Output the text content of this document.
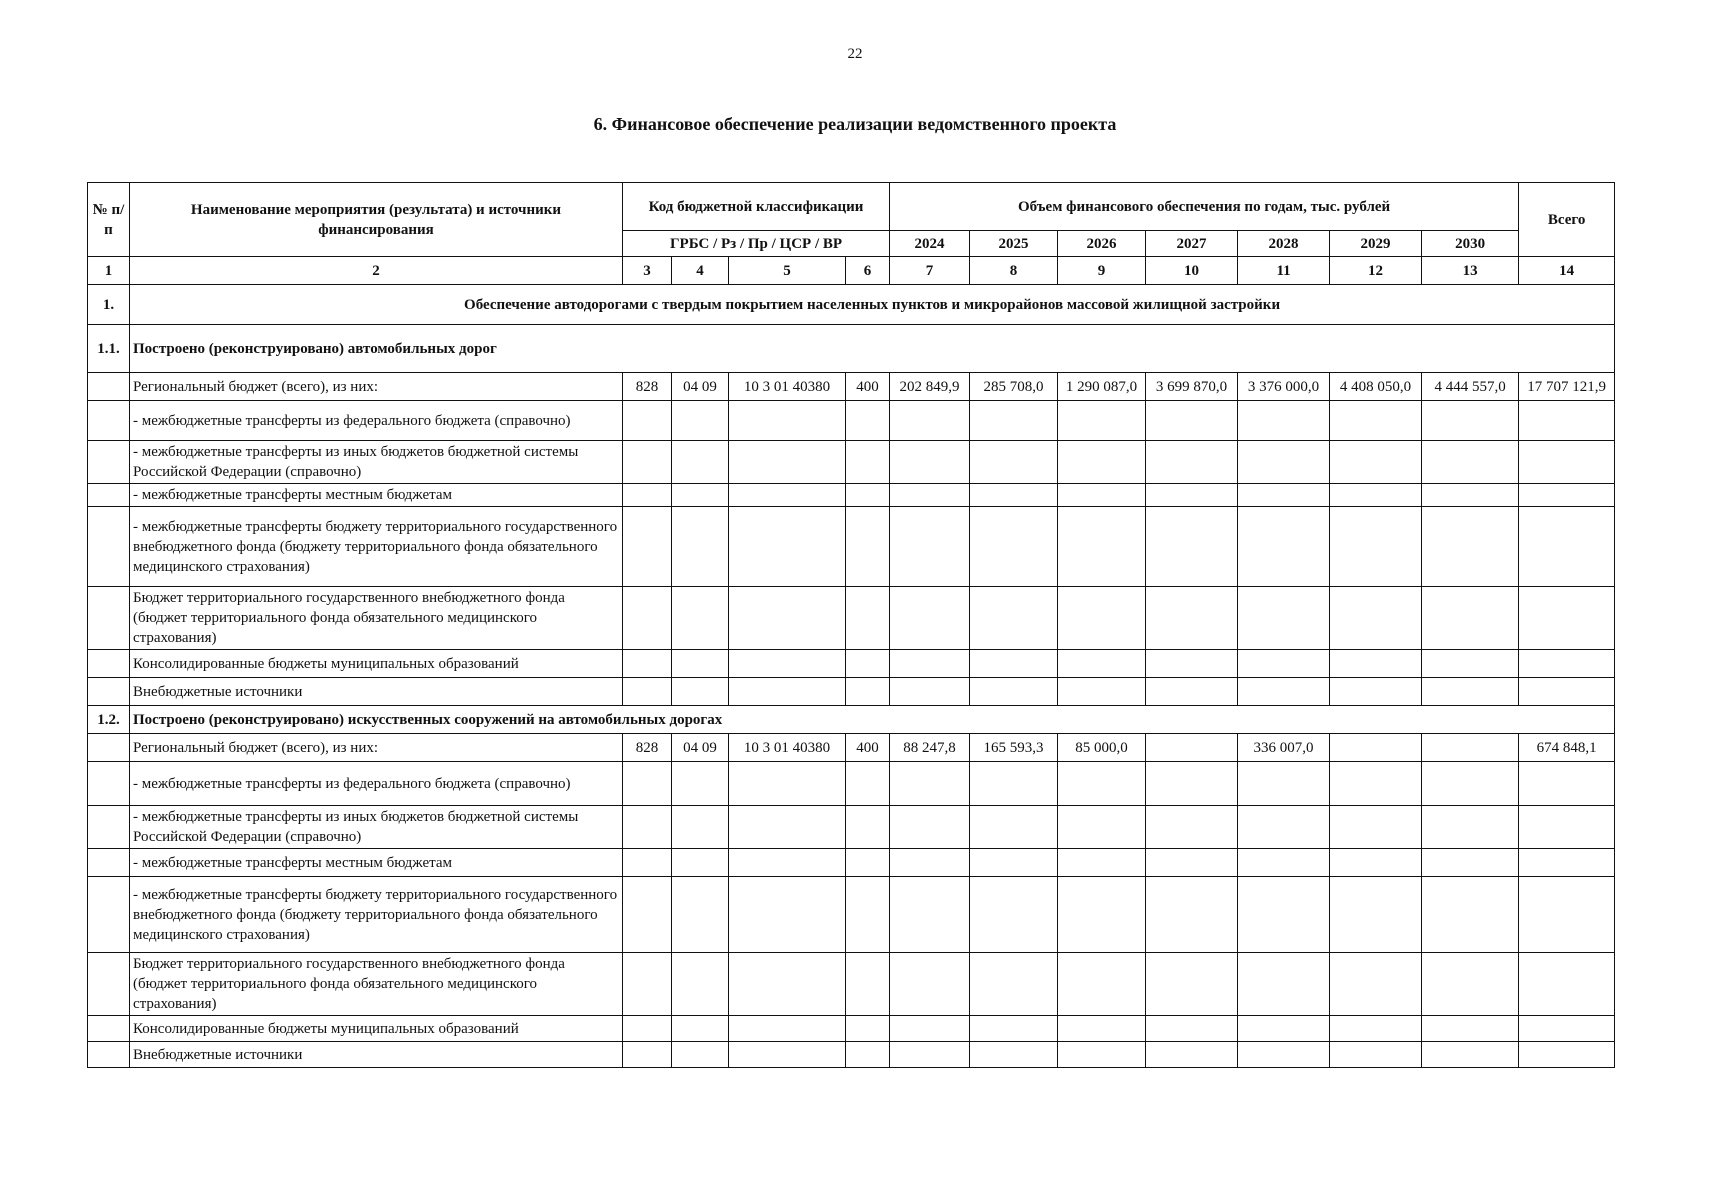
22
6. Финансовое обеспечение реализации ведомственного проекта
№ п/п	Наименование мероприятия (результата) и источники финансирования	Код бюджетной классификации				Объем финансового обеспечения по годам, тыс. рублей							Всего
		ГРБС / Рз / Пр / ЦСР / ВР				2024	2025	2026	2027	2028	2029	2030	
1	2	3	4	5	6	7	8	9	10	11	12	13	14
1.	Обеспечение автодорогами с твердым покрытием населенных пунктов и микрорайонов массовой жилищной застройки												
1.1.	Построено (реконструировано) автомобильных дорог												
	Региональный бюджет (всего), из них:	828	04 09	10 3 01 40380	400	202 849,9	285 708,0	1 290 087,0	3 699 870,0	3 376 000,0	4 408 050,0	4 444 557,0	17 707 121,9
	- межбюджетные трансферты из федерального бюджета (справочно)												
	- межбюджетные трансферты из иных бюджетов бюджетной системы Российской Федерации (справочно)												
	- межбюджетные трансферты местным бюджетам												
	- межбюджетные трансферты бюджету территориального государственного внебюджетного фонда (бюджету территориального фонда обязательного медицинского страхования)												
	Бюджет территориального государственного внебюджетного фонда (бюджет территориального фонда обязательного медицинского страхования)												
	Консолидированные бюджеты муниципальных образований												
	Внебюджетные источники												
1.2.	Построено (реконструировано) искусственных сооружений на автомобильных дорогах												
	Региональный бюджет (всего), из них:	828	04 09	10 3 01 40380	400	88 247,8	165 593,3	85 000,0		336 007,0			674 848,1
	- межбюджетные трансферты из федерального бюджета (справочно)												
	- межбюджетные трансферты из иных бюджетов бюджетной системы Российской Федерации (справочно)												
	- межбюджетные трансферты местным бюджетам												
	- межбюджетные трансферты бюджету территориального государственного внебюджетного фонда (бюджету территориального фонда обязательного медицинского страхования)												
	Бюджет территориального государственного внебюджетного фонда (бюджет территориального фонда обязательного медицинского страхования)												
	Консолидированные бюджеты муниципальных образований												
	Внебюджетные источники												
